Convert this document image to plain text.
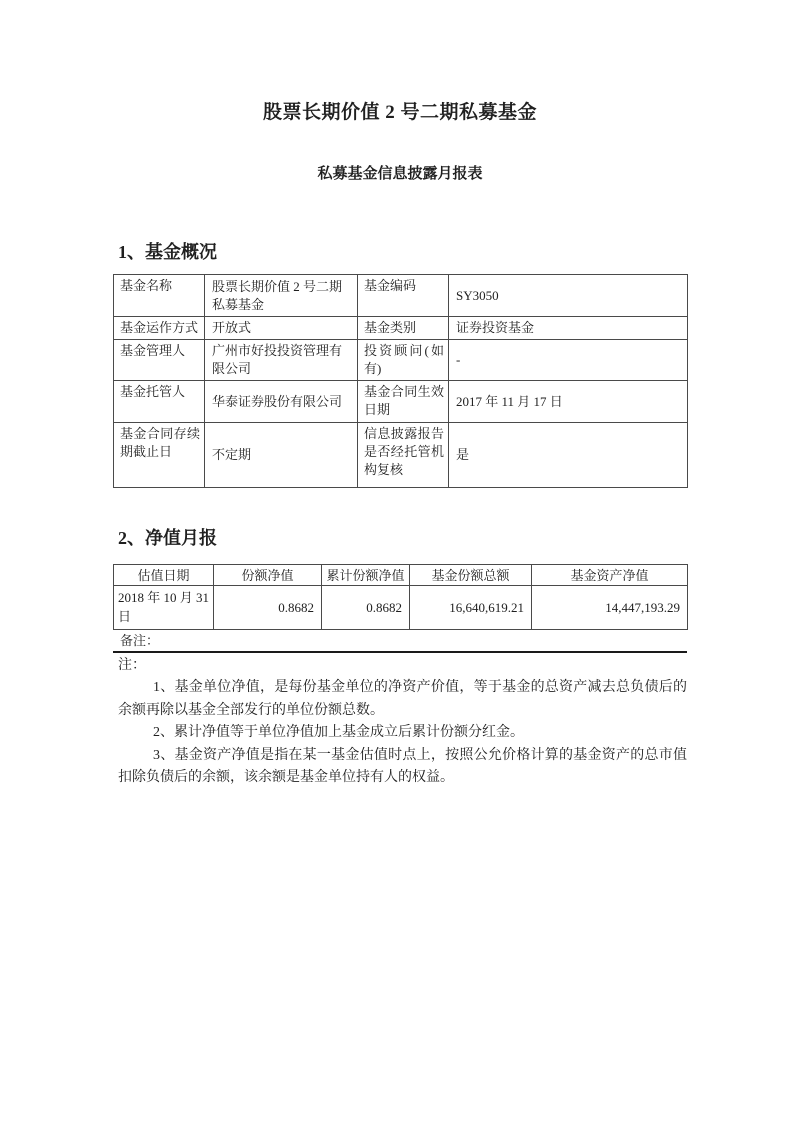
股票长期价值 2 号二期私募基金
私募基金信息披露月报表
1、基金概况
基金名称	股票长期价值 2 号二期私募基金	基金编码	SY3050
基金运作方式	开放式	基金类别	证券投资基金
基金管理人	广州市好投投资管理有限公司	投资顾问(如有)	-
基金托管人	华泰证券股份有限公司	基金合同生效日期	2017 年 11 月 17 日
基金合同存续期截止日	不定期	信息披露报告是否经托管机构复核	是
2、净值月报
估值日期	份额净值	累计份额净值	基金份额总额	基金资产净值
2018 年 10 月 31 日	0.8682	0.8682	16,640,619.21	14,447,193.29
备注：
注：

1、基金单位净值，是每份基金单位的净资产价值，等于基金的总资产减去总负债后的余额再除以基金全部发行的单位份额总数。

2、累计净值等于单位净值加上基金成立后累计份额分红金。

3、基金资产净值是指在某一基金估值时点上，按照公允价格计算的基金资产的总市值扣除负债后的余额，该余额是基金单位持有人的权益。
